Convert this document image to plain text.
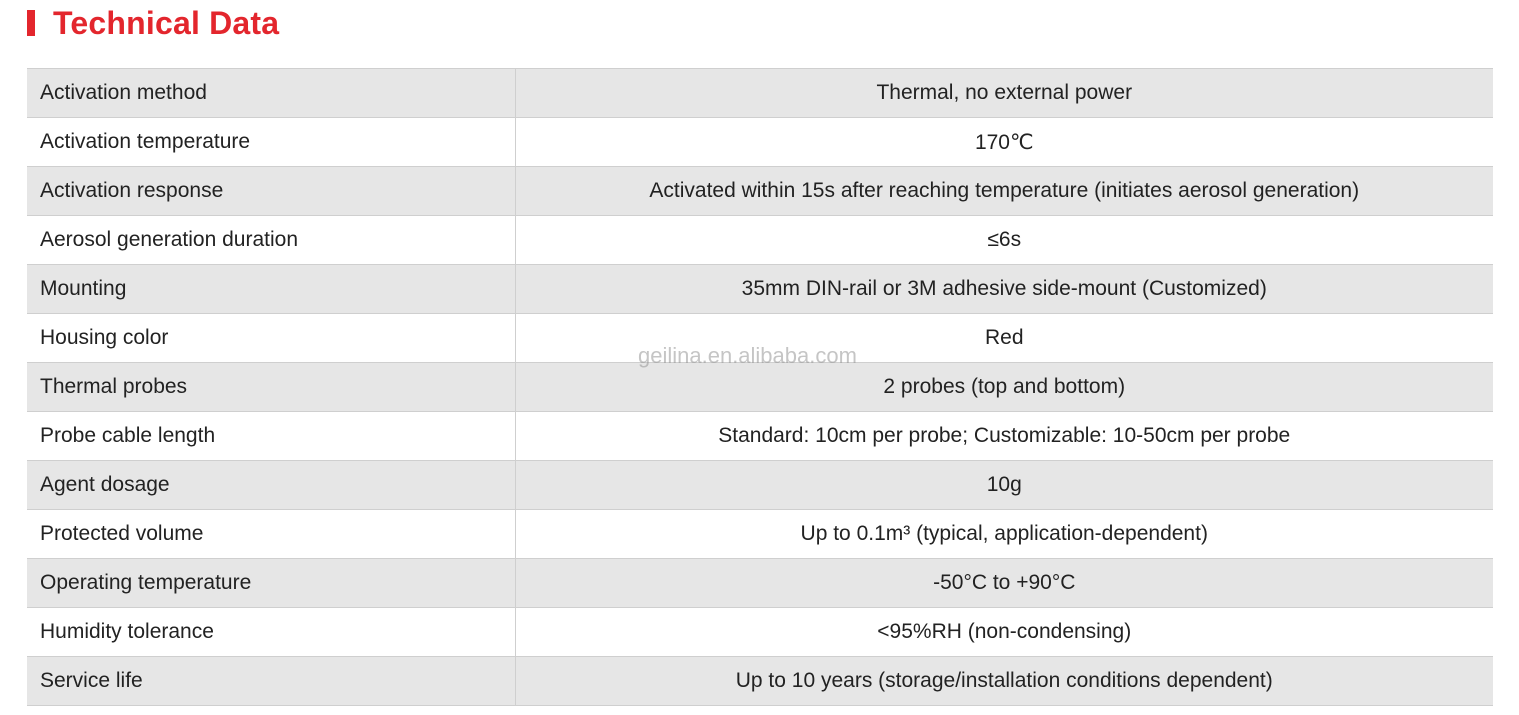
Technical Data
Activation method	Thermal, no external power
Activation temperature	170℃
Activation response	Activated within 15s after reaching temperature (initiates aerosol generation)
Aerosol generation duration	≤6s
Mounting	35mm DIN-rail or 3M adhesive side-mount (Customized)
Housing color	Red
Thermal probes	2 probes (top and bottom)
Probe cable length	Standard: 10cm per probe; Customizable: 10-50cm per probe
Agent dosage	10g
Protected volume	Up to 0.1m³ (typical, application-dependent)
Operating temperature	-50°C to +90°C
Humidity tolerance	<95%RH (non-condensing)
Service life	Up to 10 years (storage/installation conditions dependent)
geilina.en.alibaba.com
